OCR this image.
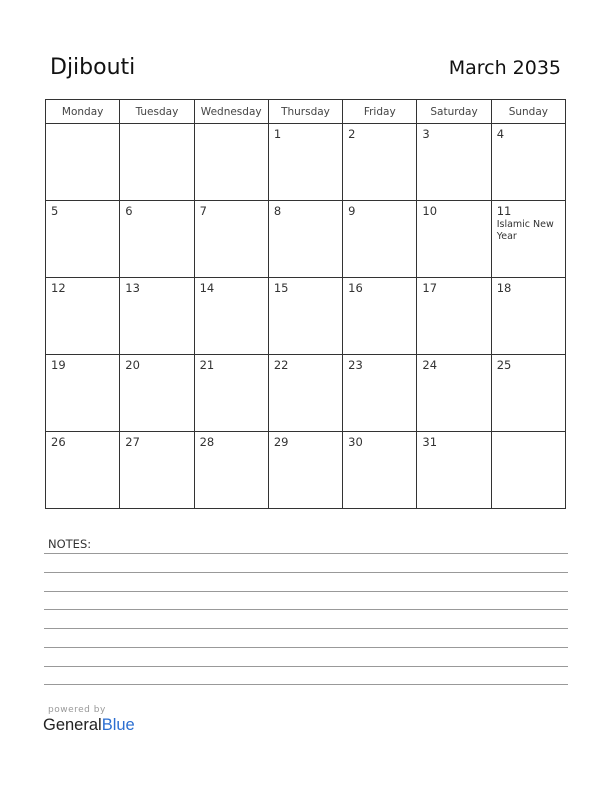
Djibouti	March 2035
Monday	Tuesday	Wednesday	Thursday	Friday	Saturday	Sunday

			1	2	3	4

5	6	7	8	9	10	11
Islamic New Year

12	13	14	15	16	17	18

19	20	21	22	23	24	25

26	27	28	29	30	31	

NOTES:
powered by
GeneralBlue
